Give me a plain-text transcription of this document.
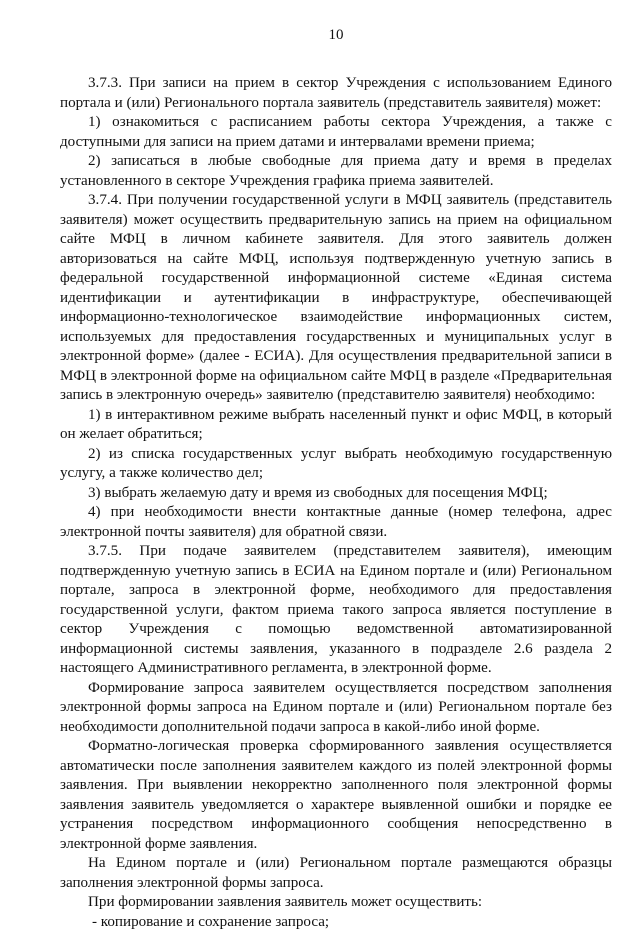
10

3.7.3. При записи на прием в сектор Учреждения с использованием Единого портала и (или) Регионального портала заявитель (представитель заявителя) может:

1) ознакомиться с расписанием работы сектора Учреждения, а также с доступными для записи на прием датами и интервалами времени приема;

2) записаться в любые свободные для приема дату и время в пределах установленного в секторе Учреждения графика приема заявителей.

3.7.4. При получении государственной услуги в МФЦ заявитель (представитель заявителя) может осуществить предварительную запись на прием на официальном сайте МФЦ в личном кабинете заявителя. Для этого заявитель должен авторизоваться на сайте МФЦ, используя подтвержденную учетную запись в федеральной государственной информационной системе «Единая система идентификации и аутентификации в инфраструктуре, обеспечивающей информационно-технологическое взаимодействие информационных систем, используемых для предоставления государственных и муниципальных услуг в электронной форме» (далее - ЕСИА). Для осуществления предварительной записи в МФЦ в электронной форме на официальном сайте МФЦ в разделе «Предварительная запись в электронную очередь» заявителю (представителю заявителя) необходимо:

1) в интерактивном режиме выбрать населенный пункт и офис МФЦ, в который он желает обратиться;

2) из списка государственных услуг выбрать необходимую государственную услугу, а также количество дел;

3) выбрать желаемую дату и время из свободных для посещения МФЦ;

4) при необходимости внести контактные данные (номер телефона, адрес электронной почты заявителя) для обратной связи.

3.7.5. При подаче заявителем (представителем заявителя), имеющим подтвержденную учетную запись в ЕСИА на Едином портале и (или) Региональном портале, запроса в электронной форме, необходимого для предоставления государственной услуги, фактом приема такого запроса является поступление в сектор Учреждения с помощью ведомственной автоматизированной информационной системы заявления, указанного в подразделе 2.6 раздела 2 настоящего Административного регламента, в электронной форме.

Формирование запроса заявителем осуществляется посредством заполнения электронной формы запроса на Едином портале и (или) Региональном портале без необходимости дополнительной подачи запроса в какой-либо иной форме.

Форматно-логическая проверка сформированного заявления осуществляется автоматически после заполнения заявителем каждого из полей электронной формы заявления. При выявлении некорректно заполненного поля электронной формы заявления заявитель уведомляется о характере выявленной ошибки и порядке ее устранения посредством информационного сообщения непосредственно в электронной форме заявления.

На Едином портале и (или) Региональном портале размещаются образцы заполнения электронной формы запроса.

При формировании заявления заявитель может осуществить:

- копирование и сохранение запроса;
